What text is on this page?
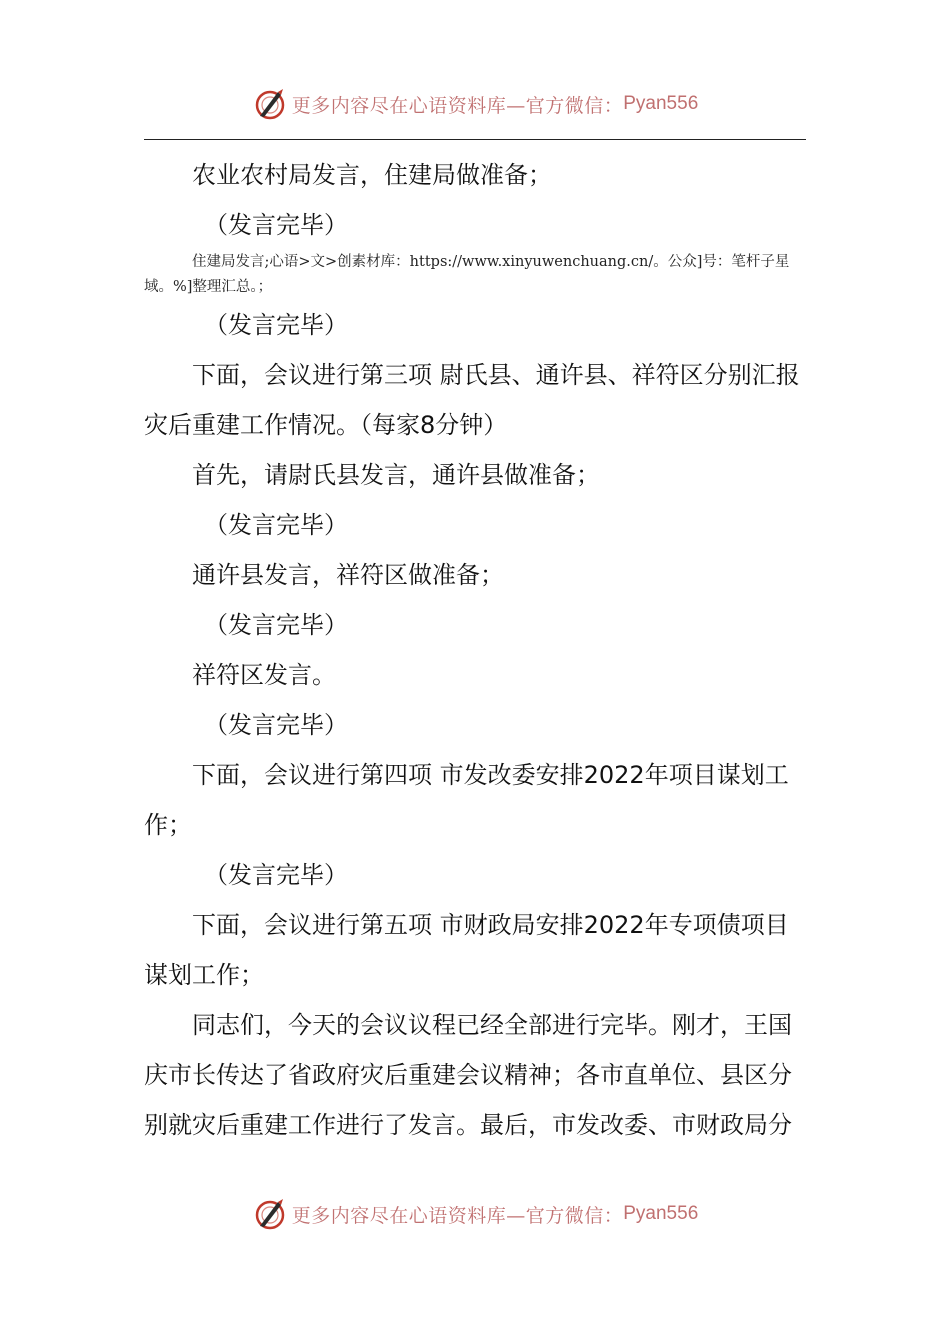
更多内容尽在心语资料库—官方微信： Pyan556

农业农村局发言，住建局做准备；

（发言完毕）

住建局发言;心语>文>创素材库：https://www.xinyuwenchuang.cn/。公众]号：笔杆子星域。%]整理汇总。；

（发言完毕）

下面，会议进行第三项 尉氏县、通许县、祥符区分别汇报灾后重建工作情况。（每家8分钟）

首先，请尉氏县发言，通许县做准备；

（发言完毕）

通许县发言，祥符区做准备；

（发言完毕）

祥符区发言。

（发言完毕）

下面，会议进行第四项 市发改委安排2022年项目谋划工作；

（发言完毕）

下面，会议进行第五项 市财政局安排2022年专项债项目谋划工作；

同志们，今天的会议议程已经全部进行完毕。刚才，王国庆市长传达了省政府灾后重建会议精神；各市直单位、县区分别就灾后重建工作进行了发言。最后，市发改委、市财政局分

更多内容尽在心语资料库—官方微信： Pyan556
